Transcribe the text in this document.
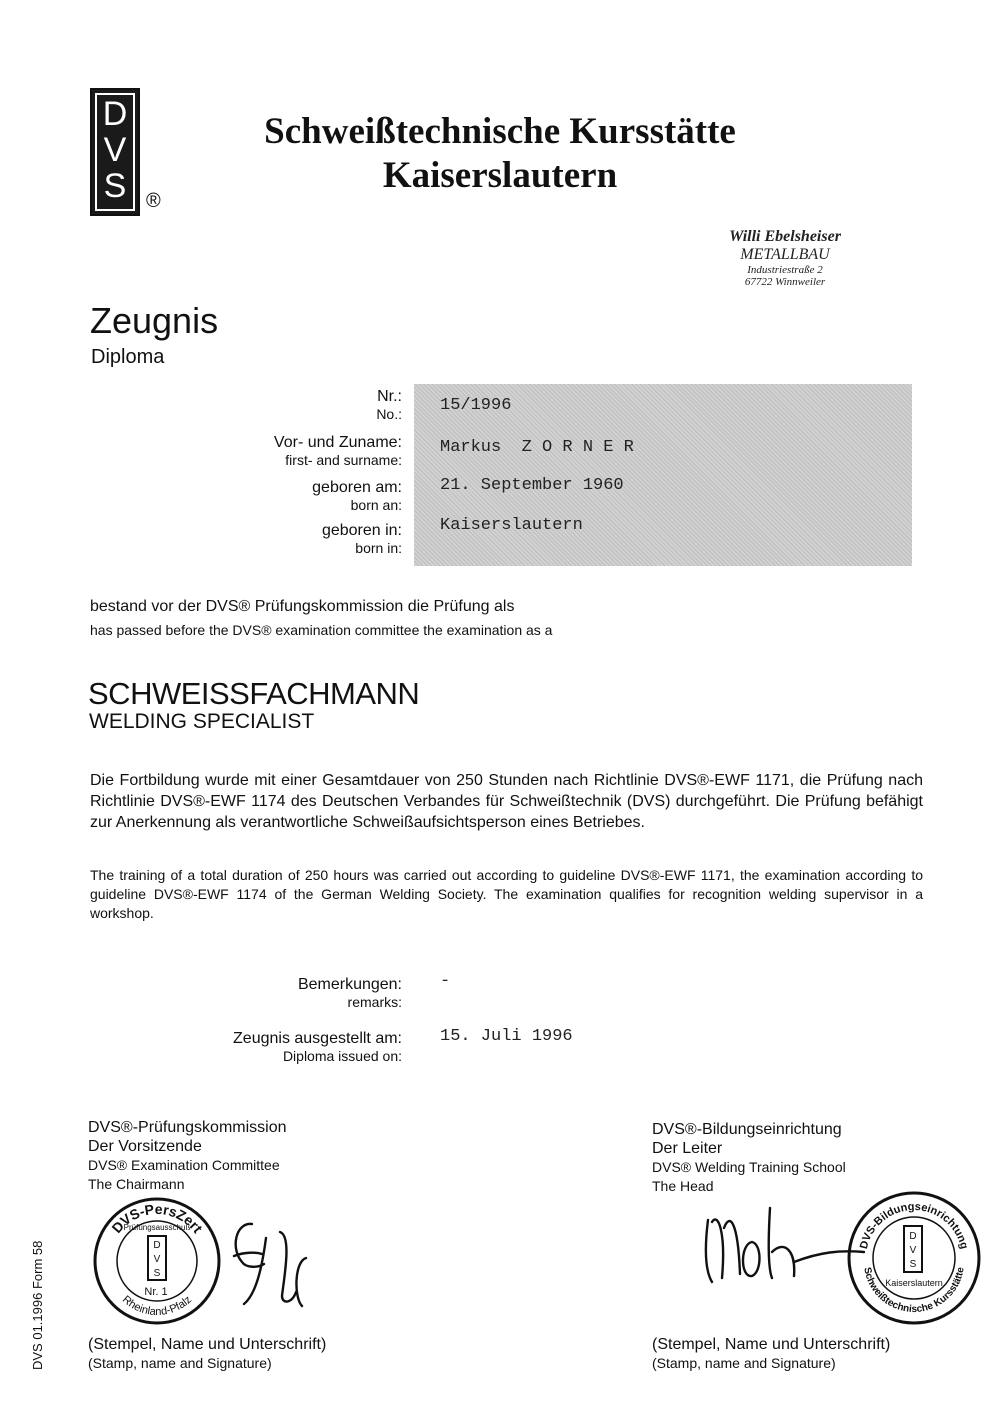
D
V
S ®
Schweißtechnische Kursstätte
Kaiserslautern
Willi Ebelsheiser
METALLBAU
Industriestraße 2
67722 Winnweiler
Zeugnis
Diploma
Nr.:
No.:
Vor- und Zuname:
first- and surname:
geboren am:
born an:
geboren in:
born in:
15/1996
Markus  Z O R N E R
21. September 1960
Kaiserslautern
bestand vor der DVS® Prüfungskommission die Prüfung als
has passed before the DVS® examination committee the examination as a
SCHWEISSFACHMANN
WELDING SPECIALIST
Die Fortbildung wurde mit einer Gesamtdauer von 250 Stunden nach Richtlinie DVS®-EWF 1171, die Prüfung nach Richtlinie DVS®-EWF 1174 des Deutschen Verbandes für Schweißtechnik (DVS) durchgeführt. Die Prüfung befähigt zur Anerkennung als verantwortliche Schweißaufsichtsperson eines Betriebes.
The training of a total duration of 250 hours was carried out according to guideline DVS®-EWF 1171, the examination according to guideline DVS®-EWF 1174 of the German Welding Society. The examination qualifies for recognition welding supervisor in a workshop.
Bemerkungen:
remarks:
-
Zeugnis ausgestellt am:
Diploma issued on:
15. Juli 1996
DVS®-Prüfungskommission
Der Vorsitzende
DVS® Examination Committee
The Chairmann
DVS-PersZert
Rheinland-Pfalz
Prüfungsausschuß
D
V
S
Nr. 1
(Stempel, Name und Unterschrift)
(Stamp, name and Signature)
DVS®-Bildungseinrichtung
Der Leiter
DVS® Welding Training School
The Head
DVS-Bildungseinrichtung
Schweißtechnische Kursstätte
D
V
S
Kaiserslautern
(Stempel, Name und Unterschrift)
(Stamp, name and Signature)
DVS 01.1996 Form 58
